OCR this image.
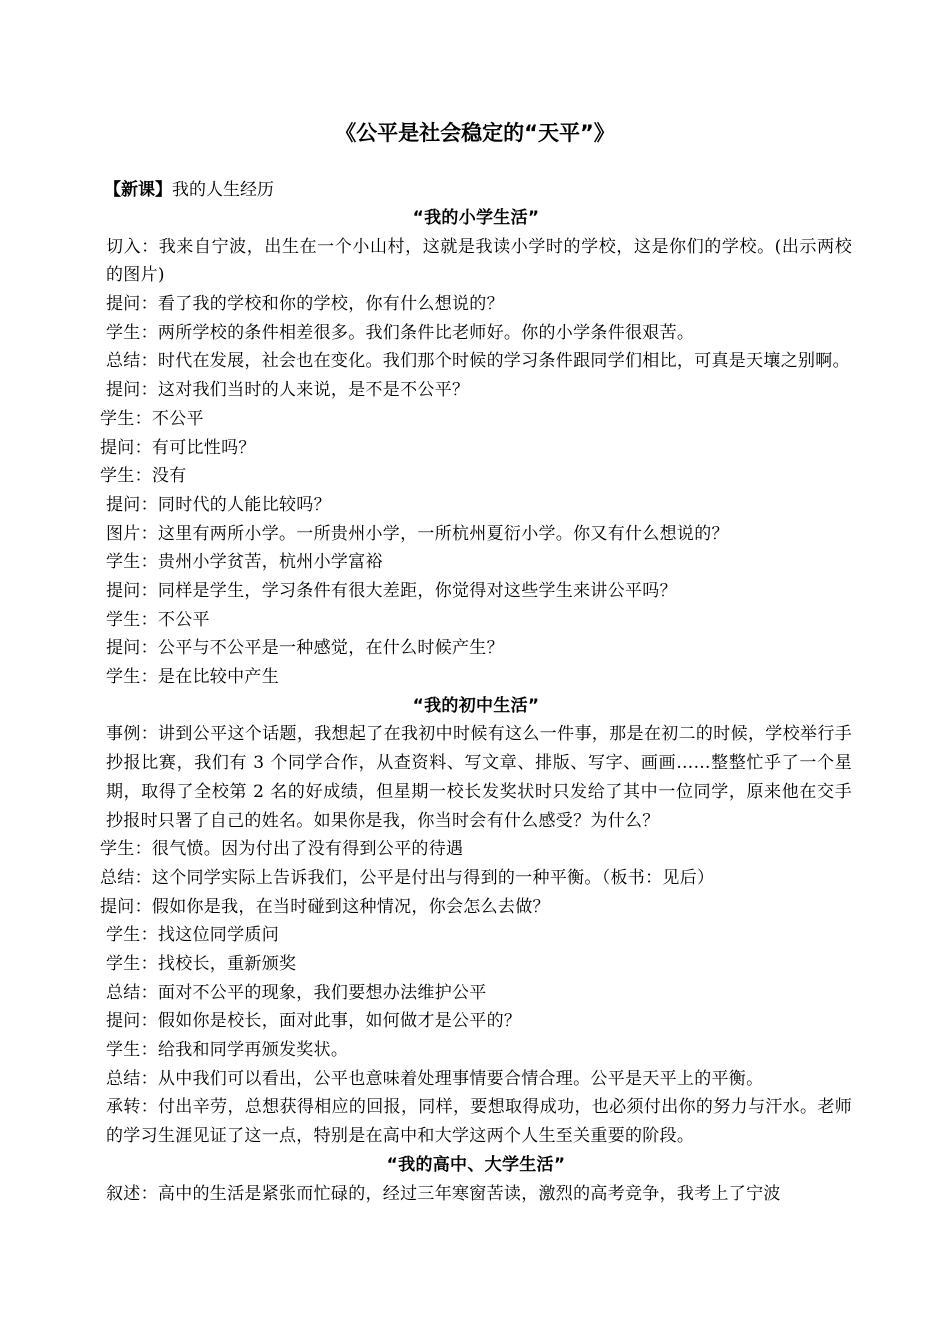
《公平是社会稳定的“天平”》
【新课】我的人生经历
“我的小学生活”
切入：我来自宁波，出生在一个小山村，这就是我读小学时的学校，这是你们的学校。(出示两校的图片)
提问：看了我的学校和你的学校，你有什么想说的？
学生：两所学校的条件相差很多。我们条件比老师好。你的小学条件很艰苦。
总结：时代在发展，社会也在变化。我们那个时候的学习条件跟同学们相比，可真是天壤之别啊。
提问：这对我们当时的人来说，是不是不公平？
学生：不公平
提问：有可比性吗？
学生：没有
提问：同时代的人能比较吗？
图片：这里有两所小学。一所贵州小学，一所杭州夏衍小学。你又有什么想说的？
学生：贵州小学贫苦，杭州小学富裕
提问：同样是学生，学习条件有很大差距，你觉得对这些学生来讲公平吗？
学生：不公平
提问：公平与不公平是一种感觉，在什么时候产生？
学生：是在比较中产生
“我的初中生活”
事例：讲到公平这个话题，我想起了在我初中时候有这么一件事，那是在初二的时候，学校举行手抄报比赛，我们有 3 个同学合作，从查资料、写文章、排版、写字、画画……整整忙乎了一个星期，取得了全校第 2 名的好成绩，但星期一校长发奖状时只发给了其中一位同学，原来他在交手抄报时只署了自己的姓名。如果你是我，你当时会有什么感受？为什么？
学生：很气愤。因为付出了没有得到公平的待遇
总结：这个同学实际上告诉我们，公平是付出与得到的一种平衡。（板书：见后）
提问：假如你是我，在当时碰到这种情况，你会怎么去做？
学生：找这位同学质问
学生：找校长，重新颁奖
总结：面对不公平的现象，我们要想办法维护公平
提问：假如你是校长，面对此事，如何做才是公平的？
学生：给我和同学再颁发奖状。
总结：从中我们可以看出，公平也意味着处理事情要合情合理。公平是天平上的平衡。
承转：付出辛劳，总想获得相应的回报，同样，要想取得成功，也必须付出你的努力与汗水。老师的学习生涯见证了这一点，特别是在高中和大学这两个人生至关重要的阶段。
“我的高中、大学生活”
叙述：高中的生活是紧张而忙碌的，经过三年寒窗苦读，激烈的高考竞争，我考上了宁波
